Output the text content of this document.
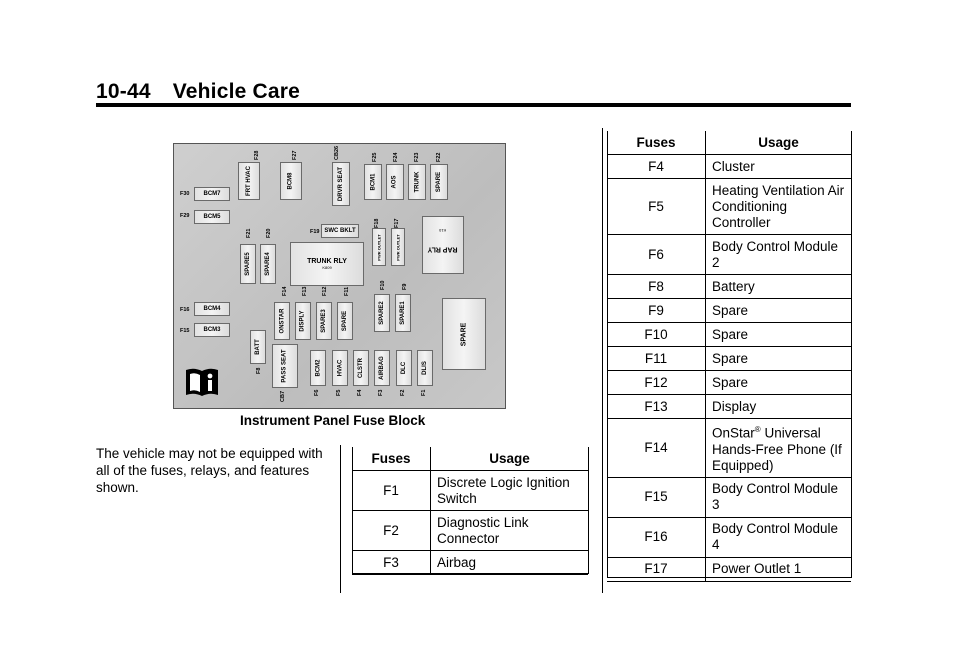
10-44 Vehicle Care
FRT HVAC
F28
BCM8
F27
DRVR SEAT
CB26
BCM1
F25
AOS
F24
TRUNK
F23
SPARE
F22
F30 BCM7
F29 BCM5
F19 SWC BKLT
F18
PWR OUTLET
F17
PWR OUTLET	RAP RLYK10
F21
SPARE5
F20
SPARE4	TRUNK RLY
K809
F16 BCM4
F15 BCM3
F14
ONSTAR
F13
DISPLY
F12
SPARE3
F11
SPARE
F10
SPARE2
F9
SPARE1
SPARE
BATT
F8	PASS SEAT
CB7
BCM2
F6
HVAC
F5
CLSTR
F4
AIRBAG
F3
DLC
F2
DLIS
F1
Instrument Panel Fuse Block
The vehicle may not be equipped with all of the fuses, relays, and features shown.
Fuses	Usage
F1	Discrete Logic Ignition Switch
F2	Diagnostic Link Connector
F3	Airbag
Fuses	Usage
F4	Cluster
F5	Heating Ventilation Air Conditioning Controller
F6	Body Control Module 2
F8	Battery
F9	Spare
F10	Spare
F11	Spare
F12	Spare
F13	Display
F14	OnStar® Universal Hands-Free Phone (If Equipped)
F15	Body Control Module 3
F16	Body Control Module 4
F17	Power Outlet 1
